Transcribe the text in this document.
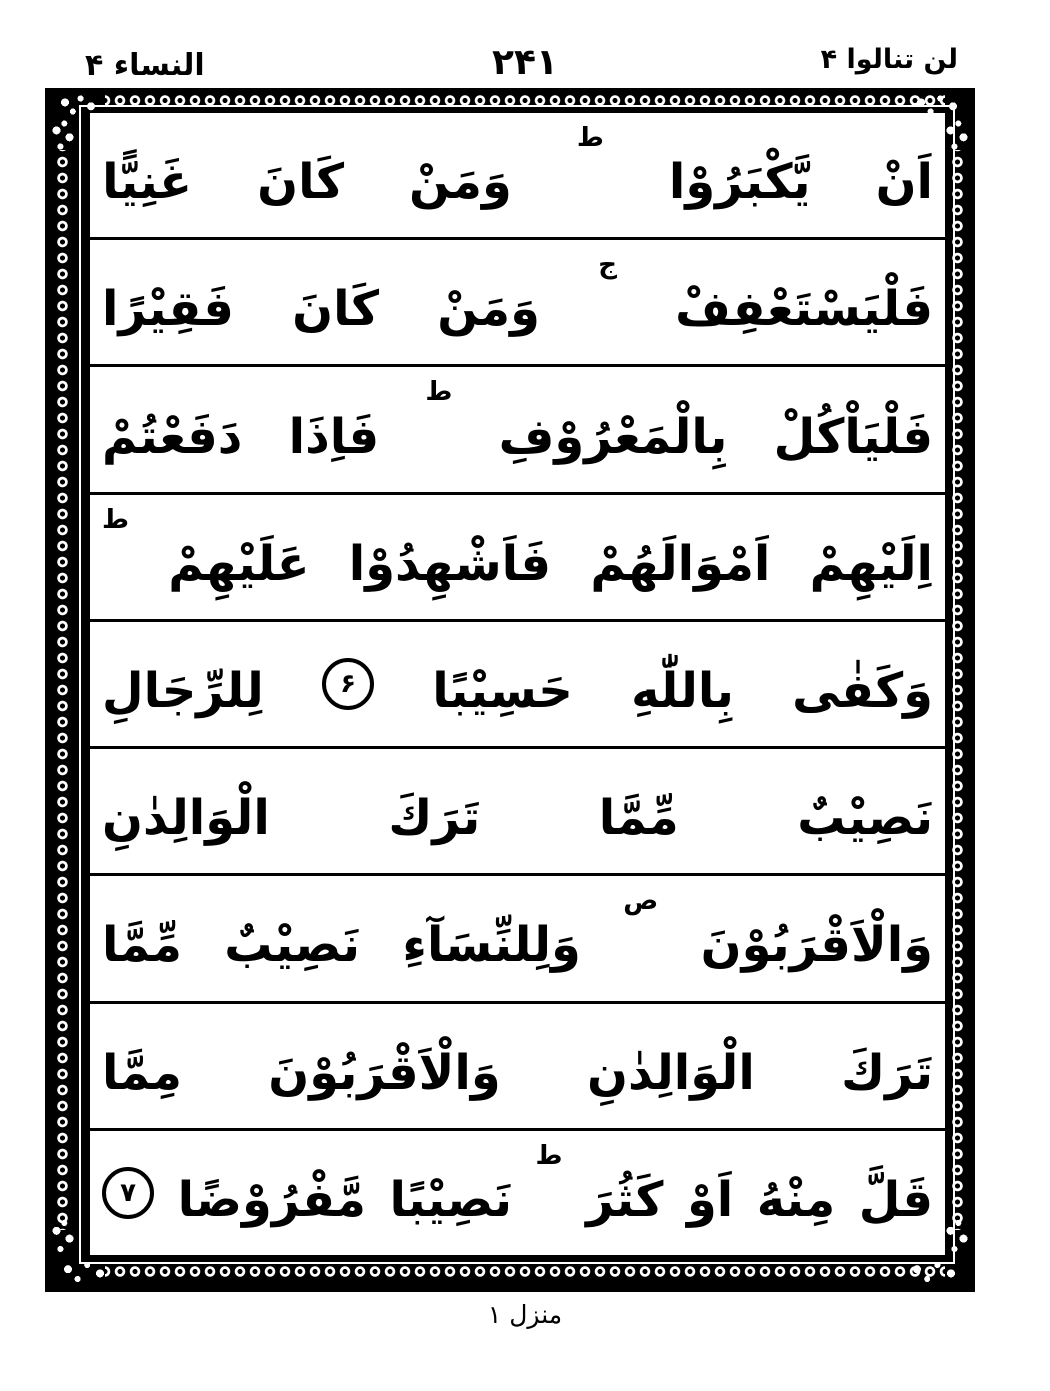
النساء ۴	۲۴۱	لن تنالوا ۴
اَنْ
يَّكْبَرُوْا
ط
وَمَنْ
كَانَ
غَنِيًّا
فَلْيَسْتَعْفِفْ
ج
وَمَنْ
كَانَ
فَقِيْرًا
فَلْيَاْكُلْ
بِالْمَعْرُوْفِ
ط
فَاِذَا
دَفَعْتُمْ
اِلَيْهِمْ
اَمْوَالَهُمْ
فَاَشْهِدُوْا
عَلَيْهِمْ
ط
وَكَفٰى
بِاللّٰهِ
حَسِيْبًا
۶
لِلرِّجَالِ
نَصِيْبٌ
مِّمَّا
تَرَكَ
الْوَالِدٰنِ
وَالْاَقْرَبُوْنَ
ص
وَلِلنِّسَآءِ
نَصِيْبٌ
مِّمَّا
تَرَكَ
الْوَالِدٰنِ
وَالْاَقْرَبُوْنَ
مِمَّا
قَلَّ
مِنْهُ
اَوْ
كَثُرَ
ط
نَصِيْبًا
مَّفْرُوْضًا
۷
منزل ١
